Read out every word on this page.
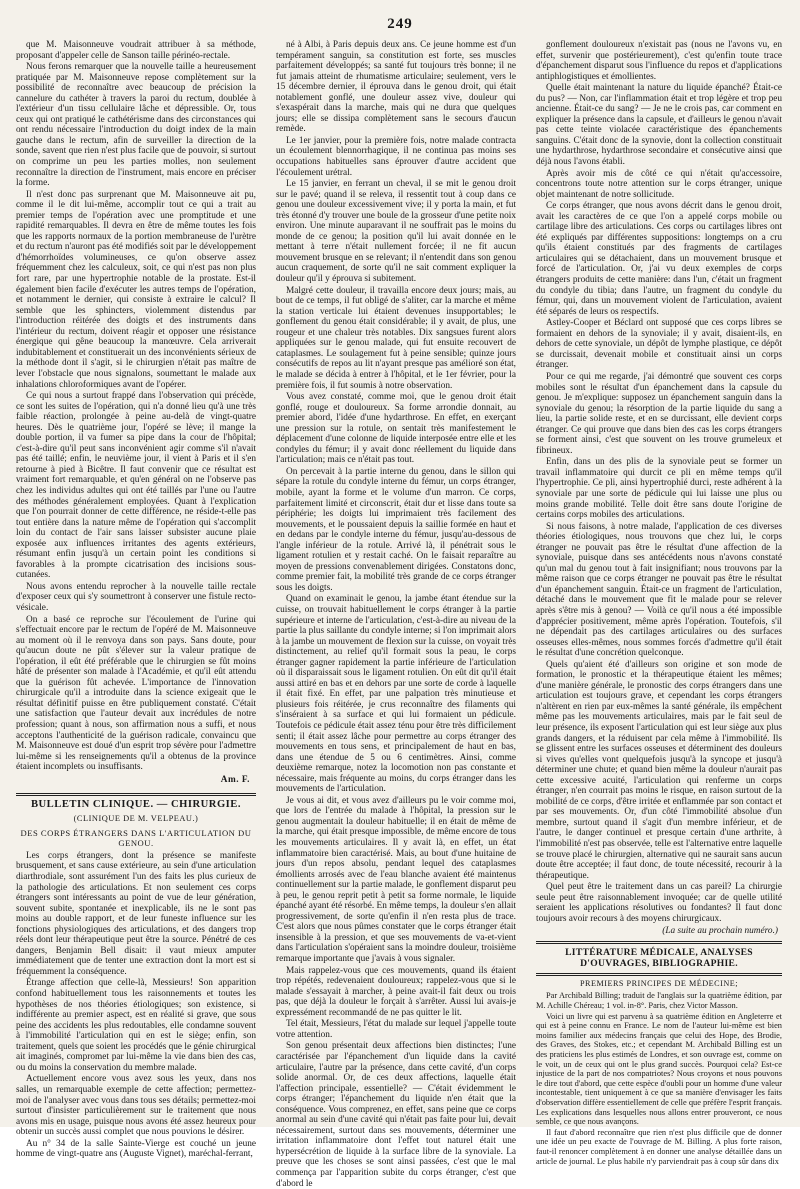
249

que M. Maisonneuve voudrait attribuer à sa méthode, proposant d'appeler celle de Sanson taille périnéo-rectale.

Nous ferons remarquer que la nouvelle taille a heureusement pratiquée par M. Maisonneuve repose complètement sur la possibilité de reconnaître avec beaucoup de précision la cannelure du cathéter à travers la paroi du rectum, doublée à l'extérieur d'un tissu cellulaire lâche et dépressible. Or, tous ceux qui ont pratiqué le cathétérisme dans des circonstances qui ont rendu nécessaire l'introduction du doigt index de la main gauche dans le rectum, afin de surveiller la direction de la sonde, savent que rien n'est plus facile que de pouvoir, si surtout on comprime un peu les parties molles, non seulement reconnaître la direction de l'instrument, mais encore en préciser la forme.

Il n'est donc pas surprenant que M. Maisonneuve ait pu, comme il le dit lui-même, accomplir tout ce qui a trait au premier temps de l'opération avec une promptitude et une rapidité remarquables. Il devra en être de même toutes les fois que les rapports normaux de la portion membraneuse de l'urètre et du rectum n'auront pas été modifiés soit par le développement d'hémorrhoïdes volumineuses, ce qu'on observe assez fréquemment chez les calculeux, soit, ce qui n'est pas non plus fort rare, par une hypertrophie notable de la prostate. Est-il également bien facile d'exécuter les autres temps de l'opération, et notamment le dernier, qui consiste à extraire le calcul? Il semble que les sphincters, violemment distendus par l'introduction réitérée des doigts et des instruments dans l'intérieur du rectum, doivent réagir et opposer une résistance énergique qui gêne beaucoup la manœuvre. Cela arriverait indubitablement et constituerait un des inconvénients sérieux de la méthode dont il s'agit, si le chirurgien n'était pas maître de lever l'obstacle que nous signalons, soumettant le malade aux inhalations chloroformiques avant de l'opérer.

Ce qui nous a surtout frappé dans l'observation qui précède, ce sont les suites de l'opération, qui n'a donné lieu qu'à une très faible réaction, prolongée à peine au-delà de vingt-quatre heures. Dès le quatrième jour, l'opéré se lève; il mange la double portion, il va fumer sa pipe dans la cour de l'hôpital; c'est-à-dire qu'il peut sans inconvénient agir comme s'il n'avait pas été taillé; enfin, le neuvième jour, il vient à Paris et il s'en retourne à pied à Bicêtre. Il faut convenir que ce résultat est vraiment fort remarquable, et qu'en général on ne l'observe pas chez les individus adultes qui ont été taillés par l'une ou l'autre des méthodes généralement employées. Quant à l'explication que l'on pourrait donner de cette différence, ne réside-t-elle pas tout entière dans la nature même de l'opération qui s'accomplit loin du contact de l'air sans laisser subsister aucune plaie exposée aux influences irritantes des agents extérieurs, résumant enfin jusqu'à un certain point les conditions si favorables à la prompte cicatrisation des incisions sous-cutanées.

Nous avons entendu reprocher à la nouvelle taille rectale d'exposer ceux qui s'y soumettront à conserver une fistule recto-vésicale.

On a basé ce reproche sur l'écoulement de l'urine qui s'effectuait encore par le rectum de l'opéré de M. Maisonneuve au moment où il le renvoya dans son pays. Sans doute, pour qu'aucun doute ne pût s'élever sur la valeur pratique de l'opération, il eût été préférable que le chirurgien se fût moins hâté de présenter son malade à l'Académie, et qu'il eût attendu que la guérison fût achevée. L'importance de l'innovation chirurgicale qu'il a introduite dans la science exigeait que le résultat définitif puisse en être publiquement constaté. C'était une satisfaction que l'auteur devait aux incrédules de notre profession; quant à nous, son affirmation nous a suffi, et nous acceptons l'authenticité de la guérison radicale, convaincu que M. Maisonneuve est doué d'un esprit trop sévère pour l'admettre lui-même si les renseignements qu'il a obtenus de la province étaient incomplets ou insuffisants.

Am. F.
BULLETIN CLINIQUE. — CHIRURGIE.
(CLINIQUE DE M. VELPEAU.)
DES CORPS ÉTRANGERS DANS L'ARTICULATION DU GENOU.

Les corps étrangers, dont la présence se manifeste brusquement, et sans cause extérieure, au sein d'une articulation diarthrodiale, sont assurément l'un des faits les plus curieux de la pathologie des articulations. Et non seulement ces corps étrangers sont intéressants au point de vue de leur génération, souvent subite, spontanée et inexplicable, ils ne le sont pas moins au double rapport, et de leur funeste influence sur les fonctions physiologiques des articulations, et des dangers trop réels dont leur thérapeutique peut être la source. Pénétré de ces dangers, Benjamin Bell disait: il vaut mieux amputer immédiatement que de tenter une extraction dont la mort est si fréquemment la conséquence.

Étrange affection que celle-là, Messieurs! Son apparition confond habituellement tous les raisonnements et toutes les hypothèses de nos théories étiologiques; son existence, si indifférente au premier aspect, est en réalité si grave, que sous peine des accidents les plus redoutables, elle condamne souvent à l'immobilité l'articulation qui en est le siège; enfin, son traitement, quels que soient les procédés que le génie chirurgical ait imaginés, compromet par lui-même la vie dans bien des cas, ou du moins la conservation du membre malade.

Actuellement encore vous avez sous les yeux, dans nos salles, un remarquable exemple de cette affection; permettez-moi de l'analyser avec vous dans tous ses détails; permettez-moi surtout d'insister particulièrement sur le traitement que nous avons mis en usage, puisque nous avons été assez heureux pour obtenir un succès aussi complet que nous pouvions le désirer.

Au n° 34 de la salle Sainte-Vierge est couché un jeune homme de vingt-quatre ans (Auguste Vignet), maréchal-ferrant,

né à Albi, à Paris depuis deux ans. Ce jeune homme est d'un tempérament sanguin, sa constitution est forte, ses muscles parfaitement développés; sa santé fut toujours très bonne; il ne fut jamais atteint de rhumatisme articulaire; seulement, vers le 15 décembre dernier, il éprouva dans le genou droit, qui était notablement gonflé, une douleur assez vive, douleur qui s'exaspérait dans la marche, mais qui ne dura que quelques jours; elle se dissipa complètement sans le secours d'aucun remède.

Le 1er janvier, pour la première fois, notre malade contracta un écoulement blennorrhagique, il ne continua pas moins ses occupations habituelles sans éprouver d'autre accident que l'écoulement urétral.

Le 15 janvier, en ferrant un cheval, il se mit le genou droit sur le pavé; quand il se releva, il ressentit tout à coup dans ce genou une douleur excessivement vive; il y porta la main, et fut très étonné d'y trouver une boule de la grosseur d'une petite noix environ. Une minute auparavant il ne souffrait pas le moins du monde de ce genou; la position qu'il lui avait donnée en le mettant à terre n'était nullement forcée; il ne fit aucun mouvement brusque en se relevant; il n'entendit dans son genou aucun craquement, de sorte qu'il ne sait comment expliquer la douleur qu'il y éprouva si subitement.

Malgré cette douleur, il travailla encore deux jours; mais, au bout de ce temps, il fut obligé de s'aliter, car la marche et même la station verticale lui étaient devenues insupportables; le gonflement du genou était considérable; il y avait, de plus, une rougeur et une chaleur très notables. Dix sangsues furent alors appliquées sur le genou malade, qui fut ensuite recouvert de cataplasmes. Le soulagement fut à peine sensible; quinze jours consécutifs de repos au lit n'ayant presque pas amélioré son état, le malade se décida à entrer à l'hôpital, et le 1er février, pour la première fois, il fut soumis à notre observation.

Vous avez constaté, comme moi, que le genou droit était gonflé, rouge et douloureux. Sa forme arrondie donnait, au premier abord, l'idée d'une hydarthrose. En effet, en exerçant une pression sur la rotule, on sentait très manifestement le déplacement d'une colonne de liquide interposée entre elle et les condyles du fémur; il y avait donc réellement du liquide dans l'articulation; mais ce n'était pas tout.

On percevait à la partie interne du genou, dans le sillon qui sépare la rotule du condyle interne du fémur, un corps étranger, mobile, ayant la forme et le volume d'un marron. Ce corps, parfaitement limité et circonscrit, était dur et lisse dans toute sa périphérie; les doigts lui imprimaient très facilement des mouvements, et le poussaient depuis la saillie formée en haut et en dedans par le condyle interne du fémur, jusqu'au-dessous de l'angle inférieur de la rotule. Arrivé là, il pénétrait sous le ligament rotulien et y restait caché. On le faisait reparaître au moyen de pressions convenablement dirigées. Constatons donc, comme premier fait, la mobilité très grande de ce corps étranger sous les doigts.

Quand on examinait le genou, la jambe étant étendue sur la cuisse, on trouvait habituellement le corps étranger à la partie supérieure et interne de l'articulation, c'est-à-dire au niveau de la partie la plus saillante du condyle interne; si l'on imprimait alors à la jambe un mouvement de flexion sur la cuisse, on voyait très distinctement, au relief qu'il formait sous la peau, le corps étranger gagner rapidement la partie inférieure de l'articulation où il disparaissait sous le ligament rotulien. On eût dit qu'il était aussi attiré en bas et en dehors par une sorte de corde à laquelle il était fixé. En effet, par une palpation très minutieuse et plusieurs fois réitérée, je crus reconnaître des filaments qui s'inséraient à sa surface et qui lui formaient un pédicule. Toutefois ce pédicule était assez ténu pour être très difficilement senti; il était assez lâche pour permettre au corps étranger des mouvements en tous sens, et principalement de haut en bas, dans une étendue de 5 ou 6 centimètres. Ainsi, comme deuxième remarque, notez la locomotion non pas constante et nécessaire, mais fréquente au moins, du corps étranger dans les mouvements de l'articulation.

Je vous ai dit, et vous avez d'ailleurs pu le voir comme moi, que lors de l'entrée du malade à l'hôpital, la pression sur le genou augmentait la douleur habituelle; il en était de même de la marche, qui était presque impossible, de même encore de tous les mouvements articulaires. Il y avait là, en effet, un état inflammatoire bien caractérisé. Mais, au bout d'une huitaine de jours d'un repos absolu, pendant lequel des cataplasmes émollients arrosés avec de l'eau blanche avaient été maintenus continuellement sur la partie malade, le gonflement disparut peu à peu, le genou reprit petit à petit sa forme normale, le liquide épanché ayant été résorbé. En même temps, la douleur s'en allait progressivement, de sorte qu'enfin il n'en resta plus de trace. C'est alors que nous pûmes constater que le corps étranger était insensible à la pression, et que ses mouvements de va-et-vient dans l'articulation s'opéraient sans la moindre douleur, troisième remarque importante que j'avais à vous signaler.

Mais rappelez-vous que ces mouvements, quand ils étaient trop répétés, redevenaient douloureux; rappelez-vous que si le malade s'essayait à marcher, à peine avait-il fait deux ou trois pas, que déjà la douleur le forçait à s'arrêter. Aussi lui avais-je expressément recommandé de ne pas quitter le lit.

Tel était, Messieurs, l'état du malade sur lequel j'appelle toute votre attention.

Son genou présentait deux affections bien distinctes; l'une caractérisée par l'épanchement d'un liquide dans la cavité articulaire, l'autre par la présence, dans cette cavité, d'un corps solide anormal. Or, de ces deux affections, laquelle était l'affection principale, essentielle? — C'était évidemment le corps étranger; l'épanchement du liquide n'en était que la conséquence. Vous comprenez, en effet, sans peine que ce corps anormal au sein d'une cavité qui n'était pas faite pour lui, devait nécessairement, surtout dans ses mouvements, déterminer une irritation inflammatoire dont l'effet tout naturel était une hypersécrétion de liquide à la surface libre de la synoviale. La preuve que les choses se sont ainsi passées, c'est que le mal commença par l'apparition subite du corps étranger, c'est que d'abord le

gonflement douloureux n'existait pas (nous ne l'avons vu, en effet, survenir que postérieurement), c'est qu'enfin toute trace d'épanchement disparut sous l'influence du repos et d'applications antiphlogistiques et émollientes.

Quelle était maintenant la nature du liquide épanché? Était-ce du pus? — Non, car l'inflammation était et trop légère et trop peu ancienne. Était-ce du sang? — Je ne le crois pas, car comment en expliquer la présence dans la capsule, et d'ailleurs le genou n'avait pas cette teinte violacée caractéristique des épanchements sanguins. C'était donc de la synovie, dont la collection constituait une hydarthrose, hydarthrose secondaire et consécutive ainsi que déjà nous l'avons établi.

Après avoir mis de côté ce qui n'était qu'accessoire, concentrons toute notre attention sur le corps étranger, unique objet maintenant de notre sollicitude.

Ce corps étranger, que nous avons décrit dans le genou droit, avait les caractères de ce que l'on a appelé corps mobile ou cartilage libre des articulations. Ces corps ou cartilages libres ont été expliqués par différentes suppositions: longtemps on a cru qu'ils étaient constitués par des fragments de cartilages articulaires qui se détachaient, dans un mouvement brusque et forcé de l'articulation. Or, j'ai vu deux exemples de corps étrangers produits de cette manière: dans l'un, c'était un fragment du condyle du tibia; dans l'autre, un fragment du condyle du fémur, qui, dans un mouvement violent de l'articulation, avaient été séparés de leurs os respectifs.

Astley-Cooper et Béclard ont supposé que ces corps libres se formaient en dehors de la synoviale; il y avait, disaient-ils, en dehors de cette synoviale, un dépôt de lymphe plastique, ce dépôt se durcissait, devenait mobile et constituait ainsi un corps étranger.

Pour ce qui me regarde, j'ai démontré que souvent ces corps mobiles sont le résultat d'un épanchement dans la capsule du genou. Je m'explique: supposez un épanchement sanguin dans la synoviale du genou; la résorption de la partie liquide du sang a lieu, la partie solide reste, et en se durcissant, elle devient corps étranger. Ce qui prouve que dans bien des cas les corps étrangers se forment ainsi, c'est que souvent on les trouve grumeleux et fibrineux.

Enfin, dans un des plis de la synoviale peut se former un travail inflammatoire qui durcit ce pli en même temps qu'il l'hypertrophie. Ce pli, ainsi hypertrophié durci, reste adhérent à la synoviale par une sorte de pédicule qui lui laisse une plus ou moins grande mobilité. Telle doit être sans doute l'origine de certains corps mobiles des articulations.

Si nous faisons, à notre malade, l'application de ces diverses théories étiologiques, nous trouvons que chez lui, le corps étranger ne pouvait pas être le résultat d'une affection de la synoviale, puisque dans ses antécédents nous n'avons constaté qu'un mal du genou tout à fait insignifiant; nous trouvons par la même raison que ce corps étranger ne pouvait pas être le résultat d'un épanchement sanguin. Était-ce un fragment de l'articulation, détaché dans le mouvement que fit le malade pour se relever après s'être mis à genou? — Voilà ce qu'il nous a été impossible d'apprécier positivement, même après l'opération. Toutefois, s'il ne dépendait pas des cartilages articulaires ou des surfaces osseuses elles-mêmes, nous sommes forcés d'admettre qu'il était le résultat d'une concrétion quelconque.

Quels qu'aient été d'ailleurs son origine et son mode de formation, le pronostic et la thérapeutique étaient les mêmes; d'une manière générale, le pronostic des corps étrangers dans une articulation est toujours grave, et cependant les corps étrangers n'altèrent en rien par eux-mêmes la santé générale, ils empêchent même pas les mouvements articulaires, mais par le fait seul de leur présence, ils exposent l'articulation qui est leur siège aux plus grands dangers, et la réduisent par cela même à l'immobilité. Ils se glissent entre les surfaces osseuses et déterminent des douleurs si vives qu'elles vont quelquefois jusqu'à la syncope et jusqu'à déterminer une chute; et quand bien même la douleur n'aurait pas cette excessive acuité, l'articulation qui renferme un corps étranger, n'en courrait pas moins le risque, en raison surtout de la mobilité de ce corps, d'être irritée et enflammée par son contact et par ses mouvements. Or, d'un côté l'immobilité absolue d'un membre, surtout quand il s'agit d'un membre inférieur, et de l'autre, le danger continuel et presque certain d'une arthrite, à l'immobilité n'est pas observée, telle est l'alternative entre laquelle se trouve placé le chirurgien, alternative qui ne saurait sans aucun doute être acceptée; il faut donc, de toute nécessité, recourir à la thérapeutique.

Quel peut être le traitement dans un cas pareil? La chirurgie seule peut être raisonnablement invoquée; car de quelle utilité seraient les applications résolutives ou fondantes? Il faut donc toujours avoir recours à des moyens chirurgicaux.

(La suite au prochain numéro.)
LITTÉRATURE MÉDICALE, ANALYSES D'OUVRAGES, BIBLIOGRAPHIE.
PREMIERS PRINCIPES DE MÉDECINE;

Par Archibald Billing; traduit de l'anglais sur la quatrième édition, par M. Achille Chéreau; 1 vol. in-8°. Paris, chez Victor Masson.

Voici un livre qui est parvenu à sa quatrième édition en Angleterre et qui est à peine connu en France. Le nom de l'auteur lui-même est bien moins familier aux médecins français que celui des Hope, des Brodie, des Graves, des Stokes, etc.; et cependant M. Archibald Billing est un des praticiens les plus estimés de Londres, et son ouvrage est, comme on le voit, un de ceux qui ont le plus grand succès. Pourquoi cela? Est-ce injustice de la part de nos compatriotes? Nous croyons et nous pouvons le dire tout d'abord, que cette espèce d'oubli pour un homme d'une valeur incontestable, tient uniquement à ce que sa manière d'envisager les faits d'observation diffère essentiellement de celle que préfère l'esprit français. Les explications dans lesquelles nous allons entrer prouveront, ce nous semble, ce que nous avançons.

Il faut d'abord reconnaître que rien n'est plus difficile que de donner une idée un peu exacte de l'ouvrage de M. Billing. A plus forte raison, faut-il renoncer complètement à en donner une analyse détaillée dans un article de journal. Le plus habile n'y parviendrait pas à coup sûr dans dix
